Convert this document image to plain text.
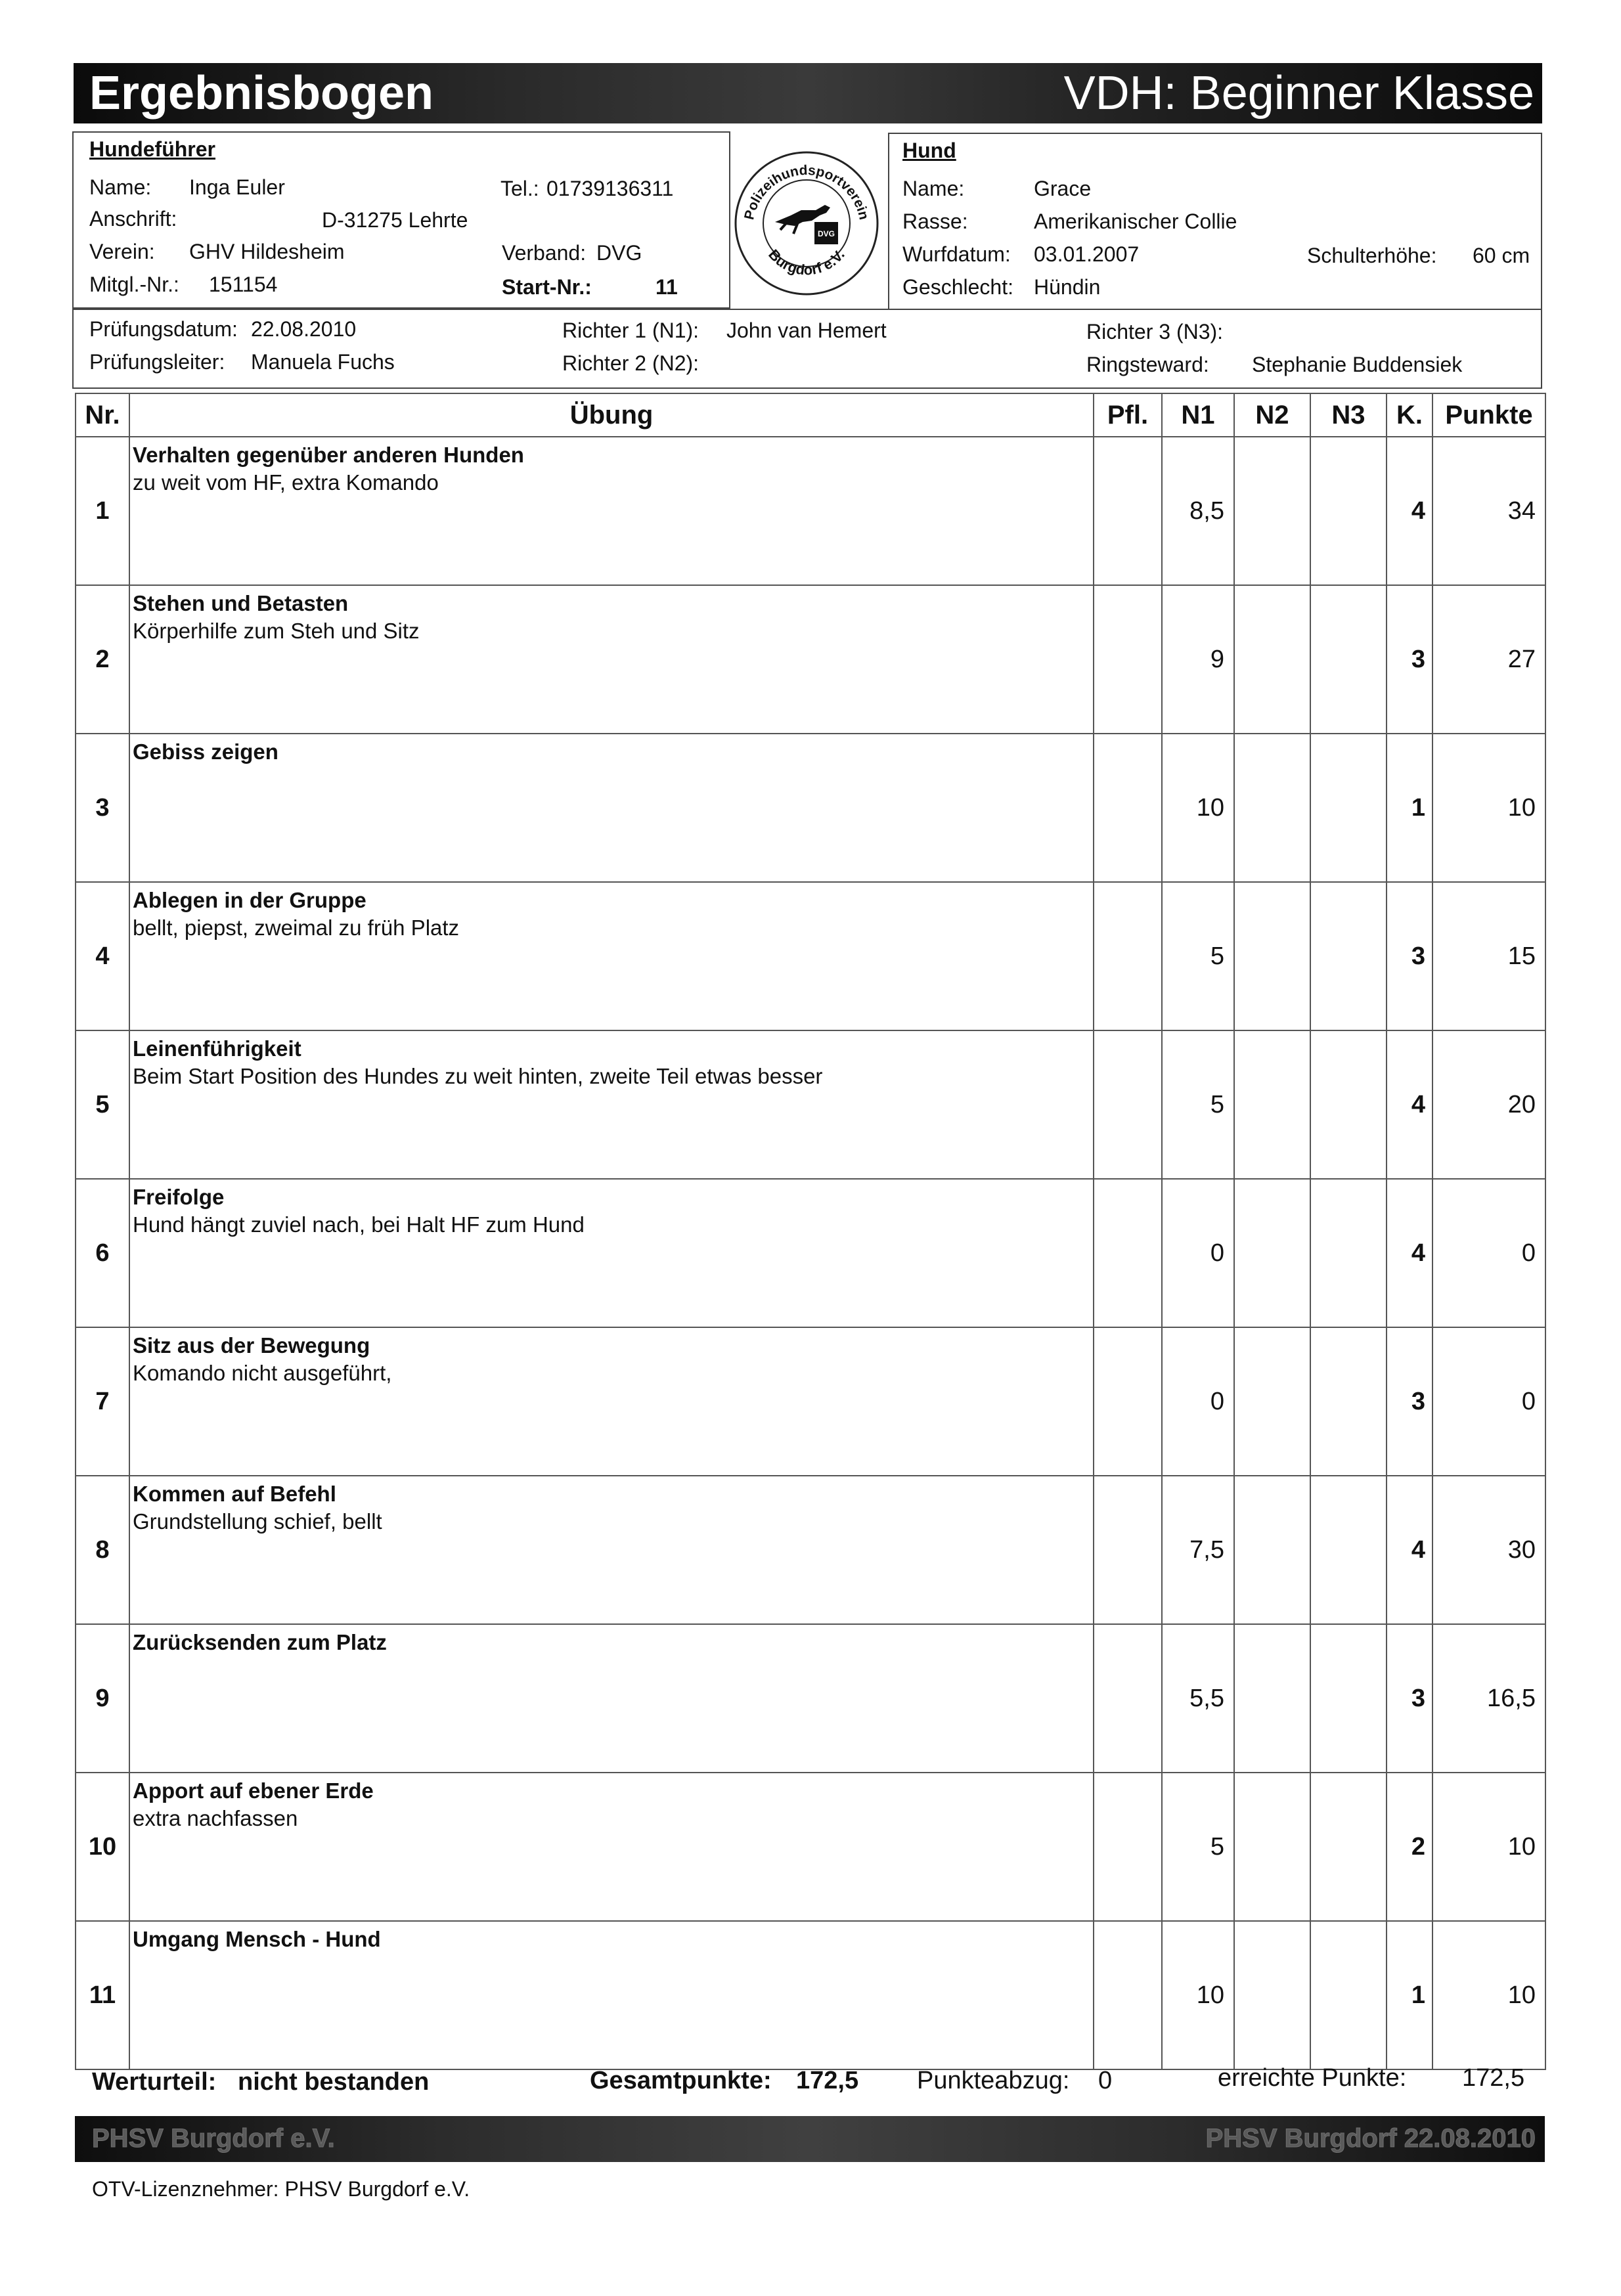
Ergebnisbogen	VDH: Beginner Klasse
Hundeführer
Name: Inga Euler
Anschrift:	D-31275 Lehrte
Verein: GHV Hildesheim
Mitgl.-Nr.: 151154
Tel.: 01739136311
Verband: DVG
Start-Nr.:	11
Polizeihundsportverein
Burgdorf e.V.
DVG
Hund
Name:	Grace
Rasse:	Amerikanischer Collie
Wurfdatum: 03.01.2007
Geschlecht: Hündin
Schulterhöhe: 60 cm
Prüfungsdatum: 22.08.2010
Prüfungsleiter: Manuela Fuchs
Richter 1 (N1): John van Hemert
Richter 2 (N2):
Richter 3 (N3):
Ringsteward: Stephanie Buddensiek
Nr.	Übung	Pfl.	N1	N2	N3	K.	Punkte
1	Verhalten gegenüber anderen Hunden
zu weit vom HF, extra Komando		8,5			4	34
2	Stehen und Betasten
Körperhilfe zum Steh und Sitz		9			3	27
3	Gebiss zeigen		10			1	10
4	Ablegen in der Gruppe
bellt, piepst, zweimal zu früh Platz		5			3	15
5	Leinenführigkeit
Beim Start Position des Hundes zu weit hinten, zweite Teil etwas besser		5			4	20
6	Freifolge
Hund hängt zuviel nach, bei Halt HF zum Hund		0			4	0
7	Sitz aus der Bewegung
Komando nicht ausgeführt,		0			3	0
8	Kommen auf Befehl
Grundstellung schief, bellt		7,5			4	30
9	Zurücksenden zum Platz		5,5			3	16,5
10	Apport auf ebener Erde
extra nachfassen		5			2	10
11	Umgang Mensch - Hund		10			1	10
Werturteil: nicht bestanden	Gesamtpunkte: 172,5 Punkteabzug: 0	erreichte Punkte: 172,5
PHSV Burgdorf e.V.	PHSV Burgdorf 22.08.2010
OTV-Lizenznehmer: PHSV Burgdorf e.V.
